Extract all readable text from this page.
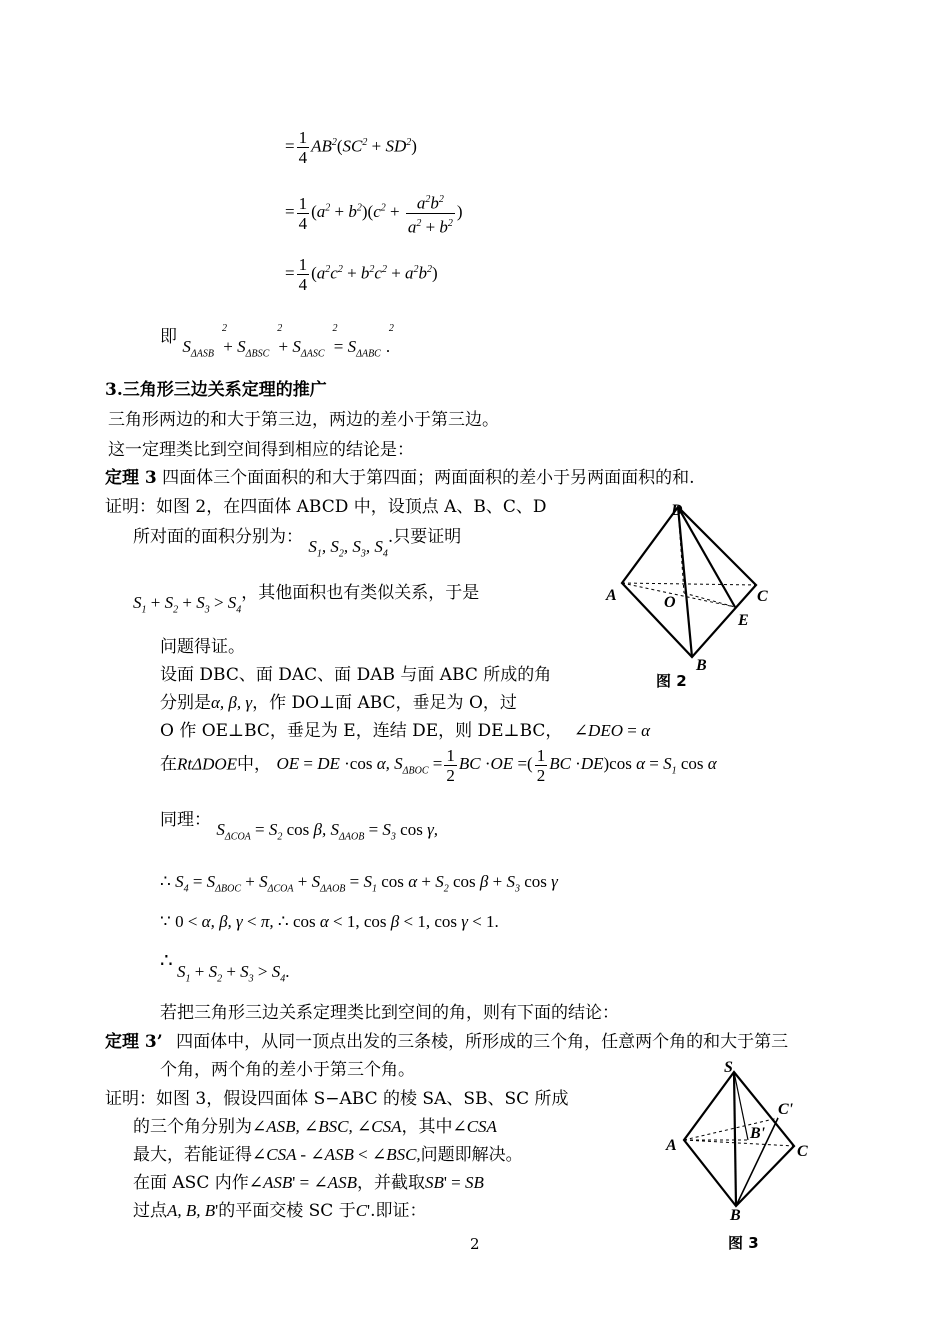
= $\frac{1}{4} AB^2(SC^2 + SD^2)$
= $\frac{1}{4} (a^2 + b^2)(c^2 + \frac{a^2b^2}{a^2 + b^2}$ )
= $\frac{1}{4} (a^2c^2 + b^2c^2 + a^2b^2)$
即 $S_{\Delta ASB}^2 + S_{\Delta BSC}^2 + S_{\Delta ASC}^2 = S_{\Delta ABC}^2$.
3.三角形三边关系定理的推广
三角形两边的和大于第三边，两边的差小于第三边。
这一定理类比到空间得到相应的结论是：
定理 3 四面体三个面面积的和大于第四面；两面面积的差小于另两面面积的和.
证明：如图 2，在四面体 ABCD 中，设顶点 A、B、C、D
所对面的面积分别为： $S_1$, $S_2$, $S_3$, $S_4$.只要证明
$S_1 + S_2 + S_3 > S_4$，其他面积也有类似关系，于是
问题得证。
设面 DBC、面 DAC、面 DAB 与面 ABC 所成的角
分别是α, β, γ，作 DO⊥面 ABC，垂足为 O，过
O 作 OE⊥BC，垂足为 E，连结 DE，则 DE⊥BC， ∠DEO = α
在RtΔDOE中， OE = DE ·cos α, $S_{\Delta BOC} = \frac{1}{2}$ BC ·OE =( $\frac{1}{2}$ BC ·DE)cos $\alpha = S_1$ cos α
同理： $S_{\Delta COA} = S_2$ cos β, $S_{\Delta AOB} = S_3$ cos γ,
∴ $S_4 = S_{\Delta BOC} + S_{\Delta COA} + S_{\Delta AOB} = S_1$ $\cos \alpha + S_2$ $\cos \beta + S_3$ cos γ
∵ 0 < α, β, γ < π, ∴ cos α < 1, cos β < 1, cos γ < 1.
∴ $S_1 + S_2 + S_3 > S_4$.
若把三角形三边关系定理类比到空间的角，则有下面的结论：
定理 3’ 四面体中，从同一顶点出发的三条棱，所形成的三个角，任意两个角的和大于第三
个角，两个角的差小于第三个角。
证明：如图 3，假设四面体 S−ABC 的棱 SA、SB、SC 所成
的三个角分别为∠ASB, ∠BSC, ∠CSA，其中∠CSA
最大，若能证得∠CSA - ∠ASB < ∠BSC,问题即解决。
在面 ASC 内作∠ASB' = ∠ASB，并截取SB' = SB
过点A, B, B'的平面交棱 SC 于C'.即证：
2
D
A	C
O
E
B
图 2
S
C'
A
B'
C
B
图 3
